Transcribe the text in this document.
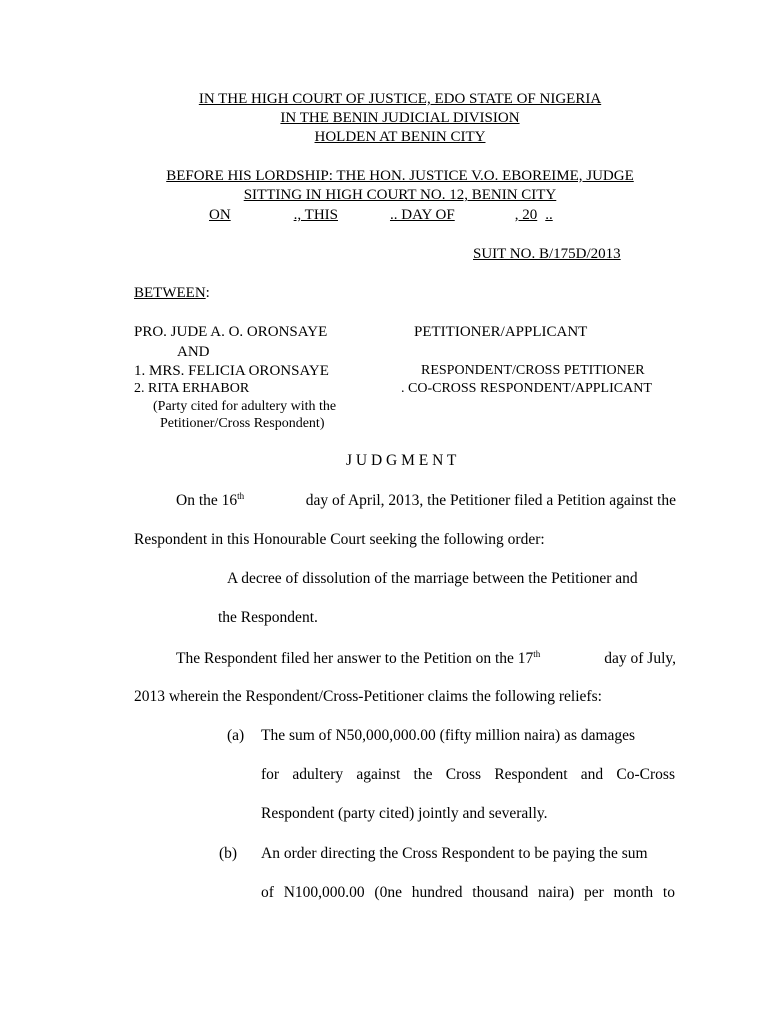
IN THE HIGH COURT OF JUSTICE, EDO STATE OF NIGERIA
IN THE BENIN JUDICIAL DIVISION
HOLDEN AT BENIN CITY
BEFORE HIS LORDSHIP: THE HON. JUSTICE V.O. EBOREIME, JUDGE
SITTING IN HIGH COURT NO. 12, BENIN CITY
ON	., THIS	.. DAY OF	, 20 ..
SUIT NO. B/175D/2013
BETWEEN:
PRO. JUDE A. O. ORONSAYE	PETITIONER/APPLICANT
AND
1. MRS. FELICIA ORONSAYE	RESPONDENT/CROSS PETITIONER
2. RITA ERHABOR	. CO-CROSS RESPONDENT/APPLICANT
(Party cited for adultery with the
Petitioner/Cross Respondent)
J U D G M E N T
On the 16th	day of April, 2013, the Petitioner filed a Petition against the
Respondent in this Honourable Court seeking the following order:
A decree of dissolution of the marriage between the Petitioner and
the Respondent.
The Respondent filed her answer to the Petition on the 17th	day of July,
2013 wherein the Respondent/Cross-Petitioner claims the following reliefs:
(a) The sum of N50,000,000.00 (fifty million naira) as damages
for adultery against the Cross Respondent and Co-Cross
Respondent (party cited) jointly and severally.
(b) An order directing the Cross Respondent to be paying the sum
of N100,000.00 (0ne hundred thousand naira) per month to
